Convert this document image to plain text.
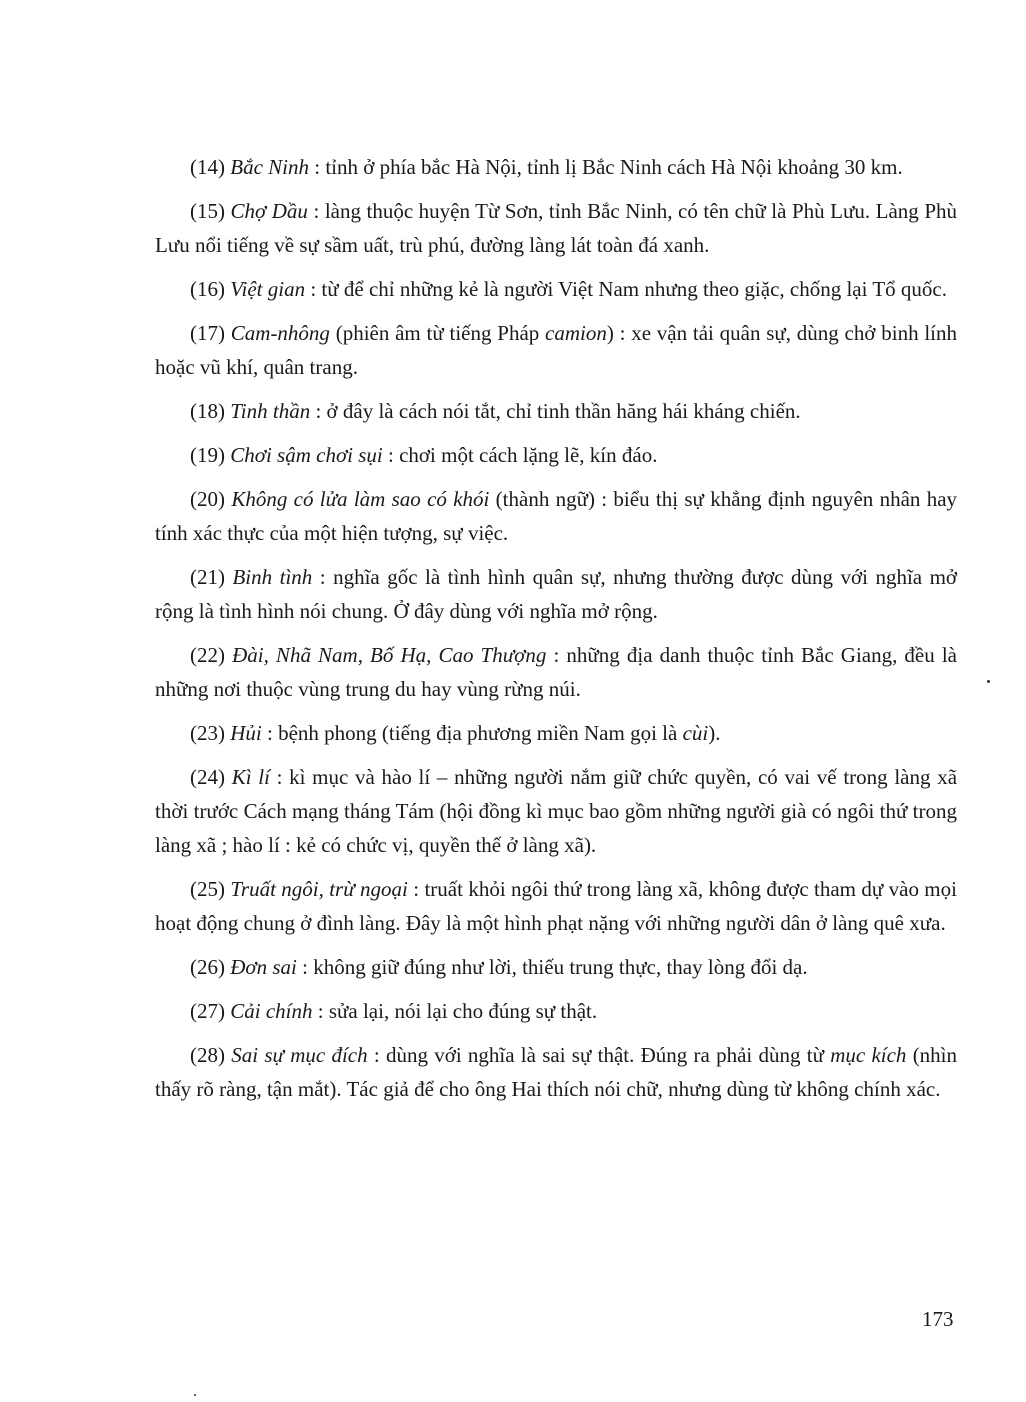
(14) Bắc Ninh : tỉnh ở phía bắc Hà Nội, tỉnh lị Bắc Ninh cách Hà Nội khoảng 30 km.

(15) Chợ Dầu : làng thuộc huyện Từ Sơn, tỉnh Bắc Ninh, có tên chữ là Phù Lưu. Làng Phù Lưu nổi tiếng về sự sầm uất, trù phú, đường làng lát toàn đá xanh.

(16) Việt gian : từ để chỉ những kẻ là người Việt Nam nhưng theo giặc, chống lại Tổ quốc.

(17) Cam-nhông (phiên âm từ tiếng Pháp camion) : xe vận tải quân sự, dùng chở binh lính hoặc vũ khí, quân trang.

(18) Tinh thần : ở đây là cách nói tắt, chỉ tinh thần hăng hái kháng chiến.

(19) Chơi sậm chơi sụi : chơi một cách lặng lẽ, kín đáo.

(20) Không có lửa làm sao có khói (thành ngữ) : biểu thị sự khẳng định nguyên nhân hay tính xác thực của một hiện tượng, sự việc.

(21) Binh tình : nghĩa gốc là tình hình quân sự, nhưng thường được dùng với nghĩa mở rộng là tình hình nói chung. Ở đây dùng với nghĩa mở rộng.

(22) Đài, Nhã Nam, Bố Hạ, Cao Thượng : những địa danh thuộc tỉnh Bắc Giang, đều là những nơi thuộc vùng trung du hay vùng rừng núi.

(23) Hủi : bệnh phong (tiếng địa phương miền Nam gọi là cùi).

(24) Kì lí : kì mục và hào lí – những người nắm giữ chức quyền, có vai vế trong làng xã thời trước Cách mạng tháng Tám (hội đồng kì mục bao gồm những người già có ngôi thứ trong làng xã ; hào lí : kẻ có chức vị, quyền thế ở làng xã).

(25) Truất ngôi, trừ ngoại : truất khỏi ngôi thứ trong làng xã, không được tham dự vào mọi hoạt động chung ở đình làng. Đây là một hình phạt nặng với những người dân ở làng quê xưa.

(26) Đơn sai : không giữ đúng như lời, thiếu trung thực, thay lòng đổi dạ.

(27) Cải chính : sửa lại, nói lại cho đúng sự thật.

(28) Sai sự mục đích : dùng với nghĩa là sai sự thật. Đúng ra phải dùng từ mục kích (nhìn thấy rõ ràng, tận mắt). Tác giả để cho ông Hai thích nói chữ, nhưng dùng từ không chính xác.

173
